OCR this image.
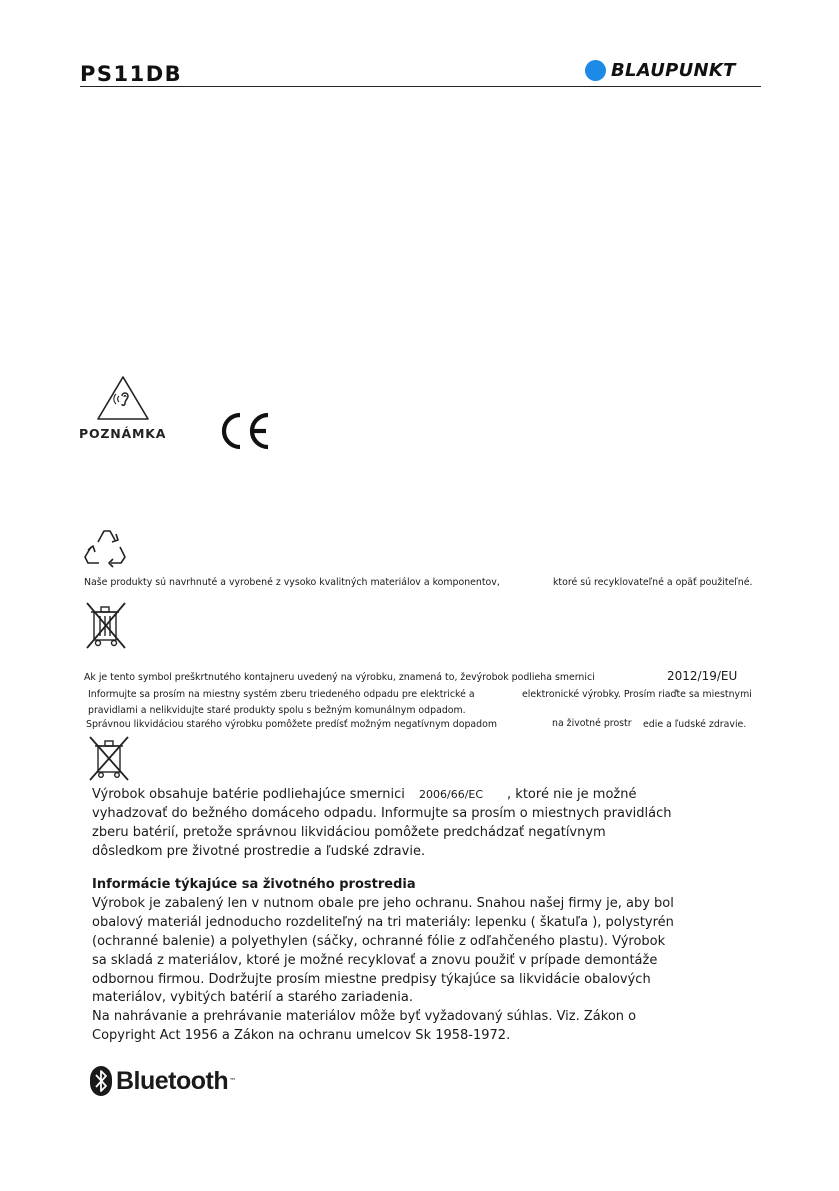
PS11DB	BLAUPUNKT
POZNÁMKA
Naše produkty sú navrhnuté a vyrobené z vysoko kvalitných materiálov a komponentov,	ktoré sú recyklovateľné a opäť použiteľné.
Ak je tento symbol preškrtnutého kontajneru uvedený na výrobku, znamená to, ževýrobok podlieha smernici	2012/19/EU
Informujte sa prosím na miestny systém zberu triedeného odpadu pre elektrické a	elektronické výrobky. Prosím riaďte sa miestnymi
pravidlami a nelikvidujte staré produkty spolu s bežným komunálnym odpadom.
Správnou likvidáciou starého výrobku pomôžete predísť možným negatívnym dopadom	na životné prostr edie a ľudské zdravie.

Výrobok obsahuje batérie podliehajúce smernici 2006/66/EC , ktoré nie je možné

vyhadzovať do bežného domáceho odpadu. Informujte sa prosím o miestnych pravidlách

zberu batérií, pretože správnou likvidáciou pomôžete predchádzať negatívnym

dôsledkom pre životné prostredie a ľudské zdravie.

Informácie týkajúce sa životného prostredia

Výrobok je zabalený len v nutnom obale pre jeho ochranu. Snahou našej firmy je, aby bol

obalový materiál jednoducho rozdeliteľný na tri materiály: lepenku ( škatuľa ), polystyrén

(ochranné balenie) a polyethylen (sáčky, ochranné fólie z odľahčeného plastu). Výrobok

sa skladá z materiálov, ktoré je možné recyklovať a znovu použiť v prípade demontáže

odbornou firmou. Dodržujte prosím miestne predpisy týkajúce sa likvidácie obalových

materiálov, vybitých batérií a starého zariadenia.

Na nahrávanie a prehrávanie materiálov môže byť vyžadovaný súhlas. Viz. Zákon o

Copyright Act 1956 a Zákon na ochranu umelcov Sk 1958-1972.

Bluetooth ™
